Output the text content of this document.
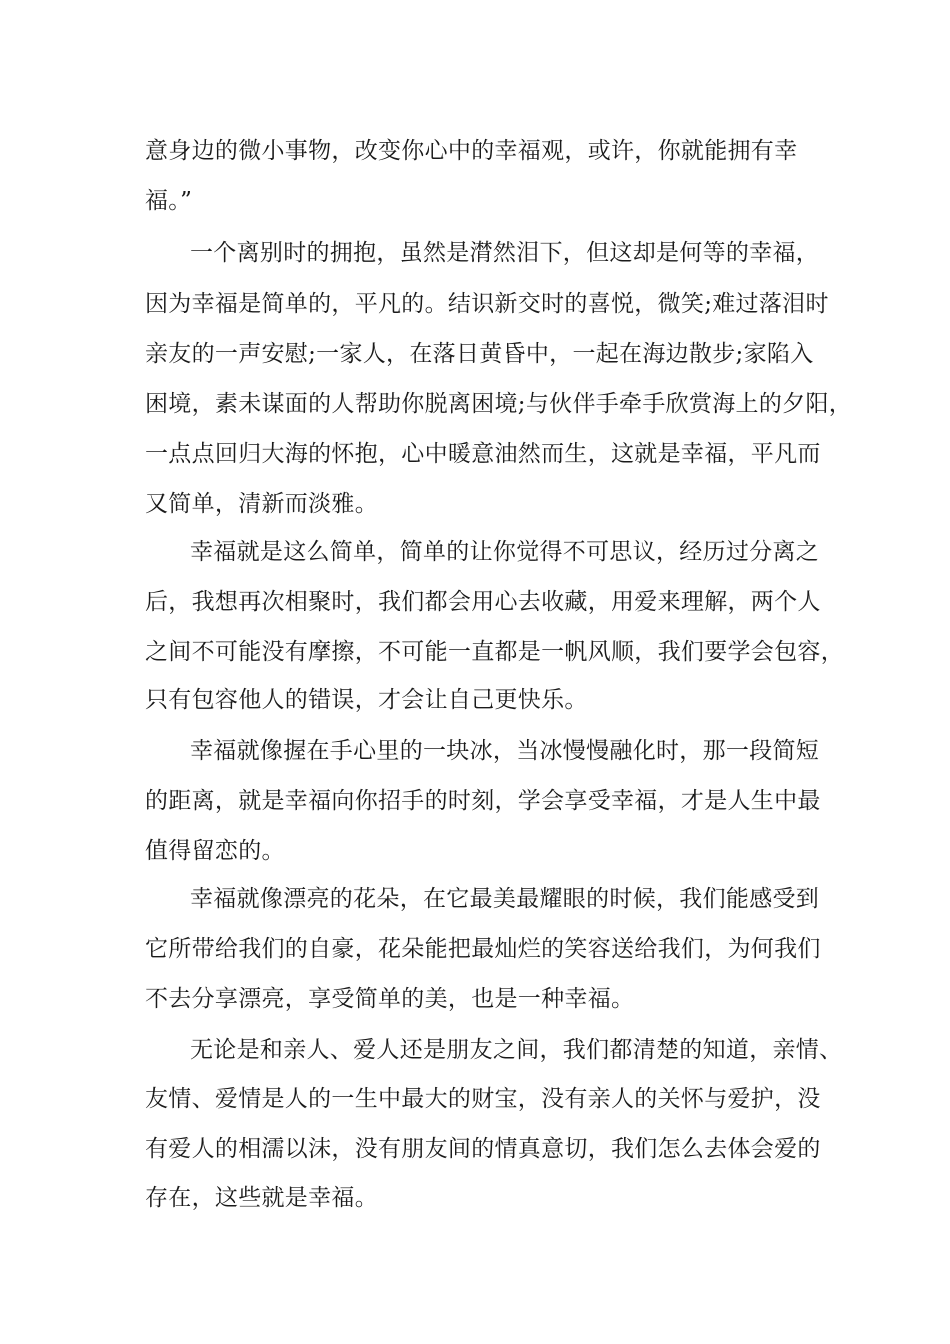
意身边的微小事物，改变你心中的幸福观，或许，你就能拥有幸
福。”
一个离别时的拥抱，虽然是潸然泪下，但这却是何等的幸福，
因为幸福是简单的，平凡的。结识新交时的喜悦，微笑;难过落泪时
亲友的一声安慰;一家人，在落日黄昏中，一起在海边散步;家陷入
困境，素未谋面的人帮助你脱离困境;与伙伴手牵手欣赏海上的夕阳，
一点点回归大海的怀抱，心中暖意油然而生，这就是幸福，平凡而
又简单，清新而淡雅。
幸福就是这么简单，简单的让你觉得不可思议，经历过分离之
后，我想再次相聚时，我们都会用心去收藏，用爱来理解，两个人
之间不可能没有摩擦，不可能一直都是一帆风顺，我们要学会包容，
只有包容他人的错误，才会让自己更快乐。
幸福就像握在手心里的一块冰，当冰慢慢融化时，那一段简短
的距离，就是幸福向你招手的时刻，学会享受幸福，才是人生中最
值得留恋的。
幸福就像漂亮的花朵，在它最美最耀眼的时候，我们能感受到
它所带给我们的自豪，花朵能把最灿烂的笑容送给我们，为何我们
不去分享漂亮，享受简单的美，也是一种幸福。
无论是和亲人、爱人还是朋友之间，我们都清楚的知道，亲情、
友情、爱情是人的一生中最大的财宝，没有亲人的关怀与爱护，没
有爱人的相濡以沫，没有朋友间的情真意切，我们怎么去体会爱的
存在，这些就是幸福。
